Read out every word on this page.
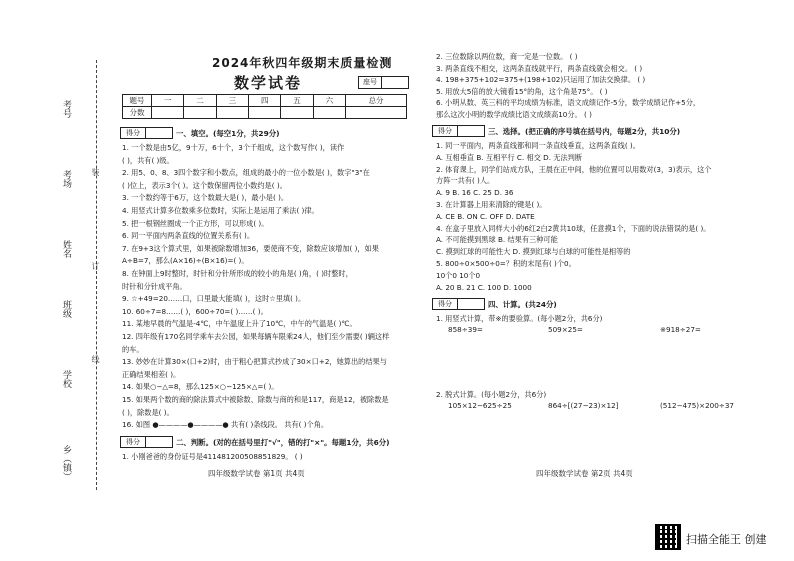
考号
考场
姓名
班级
学校
乡（镇）
装
订
线
2024年秋四年级期末质量检测
数学试卷	座号
题号	一	二	三	四	五	六	总分
分数							
得分	一、填空。(每空1分，共29分)
1. 一个数是由5亿，9十万，6十个，3个千组成，这个数写作( )，读作
( )，共有( )级。
2. 用5、0、8、3四个数字和小数点，组成的最小的一位小数是( )，数字"3"在
( )位上，表示3个( )。这个数保留两位小数约是( )。
3. 一个数约等于6万，这个数最大是( )，最小是( )。
4. 用竖式计算多位数乘多位数时，实际上是运用了乘法( )律。
5. 把一根钢丝圈成一个正方形，可以形成( )。
6. 同一平面内两条直线的位置关系有( )。
7. 在9+3这个算式里，如果被除数增加36，要使商不变，除数应该增加( )，如果
A÷B=7，那么(A×16)÷(B×16)=( )。
8. 在钟面上9时整时，时针和分针所形成的较小的角是( )角，( )时整时，
时针和分针成平角。
9. ☆+49=20……口，口里最大能填( )，这时☆里填( )。
10. 60÷7=8……( )，600÷70=( )……( )。
11. 某地早晨的气温是-4℃，中午温度上升了10℃，中午的气温是( )℃。
12. 四年级有170名同学乘车去公园，如果每辆车限乘24人，他们至少需要( )辆这样
的车。
13. 妙妙在计算30×(口+2)时，由于粗心把算式抄成了30×口+2，她算出的结果与
正确结果相差( )。
14. 如果○−△=8，那么125×○−125×△=( )。
15. 如果两个数的商的除法算式中被除数、除数与商的和是117，商是12，被除数是
( )，除数是( )。
16. 如图 ●————●————● 共有( )条线段。 共有( )个角。
得分	二、判断。(对的在括号里打"√"，错的打"×"。每题1分，共6分)
1. 小刚爸爸的身份证号是41148120050885182​9。 ( )
四年级数学试卷 第1页 共4页
2. 三位数除以两位数，商一定是一位数。 ( )
3. 两条直线不相交，这两条直线就平行，两条直线就会相交。 ( )
4. 198+375+102=375+(198+102)只运用了加法交换律。 ( )
5. 用放大5倍的放大镜看15°的角，这个角是75°。 ( )
6. 小明从数、英三科的平均成绩为标准，语文成绩记作-5分，数学成绩记作+5分，
那么这次小明的数学成绩比语文成绩高10分。 ( )
得分	三、选择。(把正确的序号填在括号内，每题2分，共10分)
1. 同一平面内，两条直线都和同一条直线垂直，这两条直线( )。
A. 互相垂直 B. 互相平行 C. 相交 D. 无法判断
2. 体育课上，同学们站成方队，王晨在正中间，他的位置可以用数对(3，3)表示，这个
方阵一共有( )人。
A. 9 B. 16 C. 25 D. 36
3. 在计算器上用来清除的键是( )。
A. CE B. ON C. OFF D. DATE
4. 在盒子里放入同样大小的6红2白2黄共10球，任意摸1个，下面的说法错误的是( )。
A. 不可能摸到黑球 B. 结果有三种可能
C. 摸到红球的可能性大 D. 摸到红球与白球的可能性是相等的
5. 800÷0×500÷0=？积的末尾有( )个0。
10个0 10个0
A. 20 B. 21 C. 100 D. 1000
得分	四、计算。(共24分)
1. 用竖式计算，带※的要验算。(每小题2分，共6分)
858÷39=	509×25=	※918÷27=
2. 脱式计算。(每小题2分，共6分)
105×12−625÷25	864÷[(27−23)×12]	(512−475)×200÷37
四年级数学试卷 第2页 共4页
扫描全能王 创建
